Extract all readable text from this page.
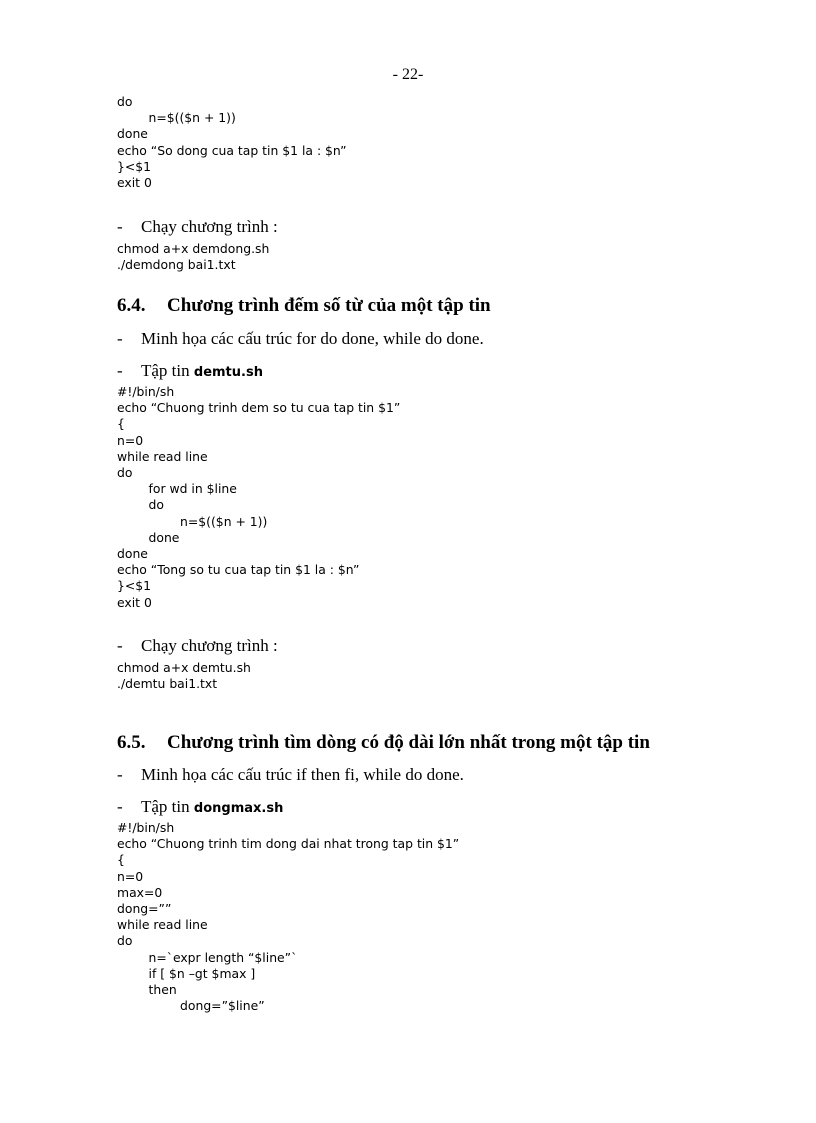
- 22-
do
n=$(($n + 1))
done
echo “So dong cua tap tin $1 la : $n”
}<$1
exit 0
- Chạy chương trình :
chmod a+x demdong.sh
./demdong bai1.txt
6.4. Chương trình đếm số từ của một tập tin
- Minh họa các cấu trúc for do done, while do done.
- Tập tin demtu.sh
#!/bin/sh
echo “Chuong trinh dem so tu cua tap tin $1”
{
n=0
while read line
do
for wd in $line
do
n=$(($n + 1))
done
done
echo “Tong so tu cua tap tin $1 la : $n”
}<$1
exit 0
- Chạy chương trình :
chmod a+x demtu.sh
./demtu bai1.txt
6.5. Chương trình tìm dòng có độ dài lớn nhất trong một tập tin
- Minh họa các cấu trúc if then fi, while do done.
- Tập tin dongmax.sh
#!/bin/sh
echo “Chuong trinh tim dong dai nhat trong tap tin $1”
{
n=0
max=0
dong=””
while read line
do
n=`expr length “$line”`
if [ $n –gt $max ]
then
dong=”$line”
